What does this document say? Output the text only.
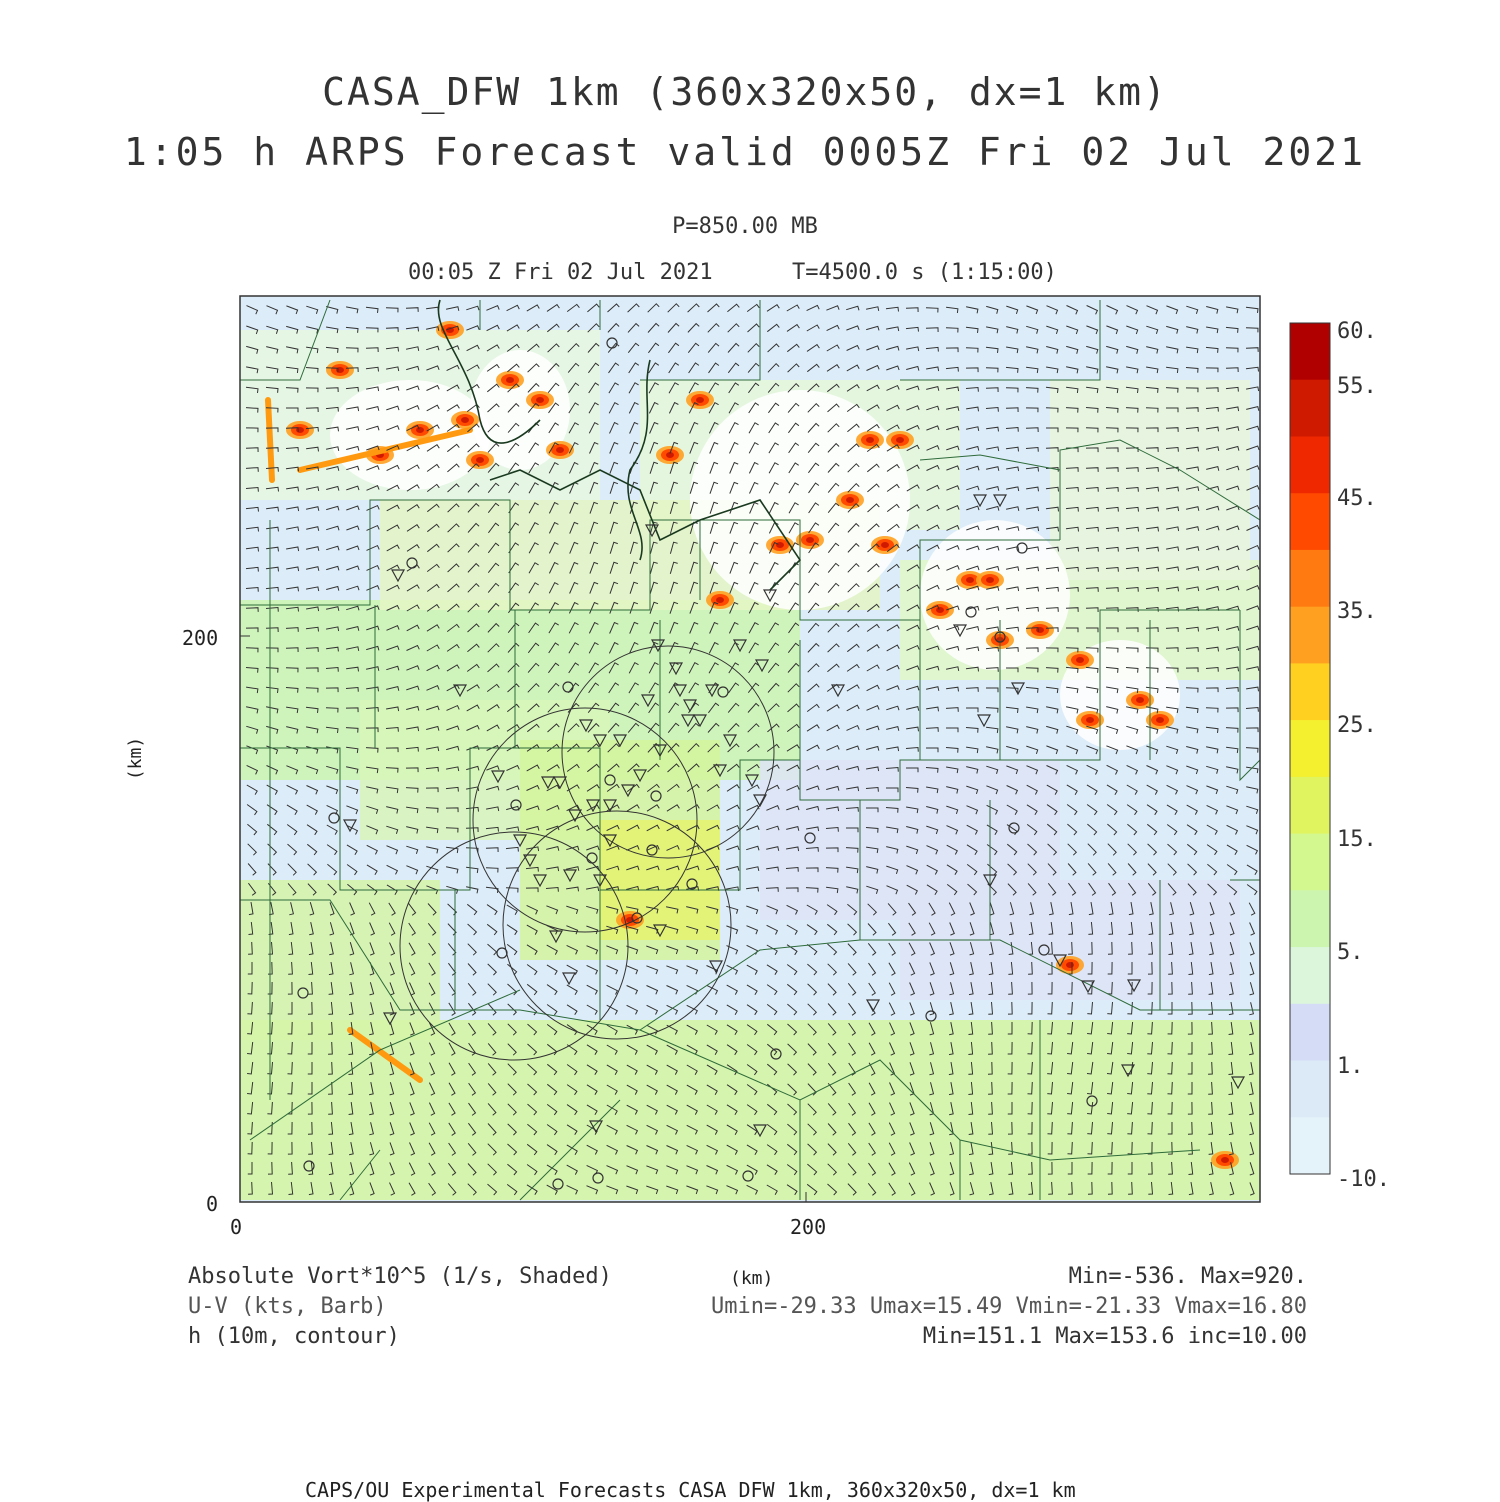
CASA_DFW 1km (360x320x50, dx=1 km)
1:05 h ARPS Forecast valid 0005Z Fri 02 Jul 2021
P=850.00 MB
00:05 Z Fri 02 Jul 2021	T=4500.0 s (1:15:00)
60.
55.
45.
35.
25.
15.
5.
1.
-10.
200
0
0	200
(km)
Absolute Vort*10^5 (1/s, Shaded)
U-V (kts, Barb)
h (10m, contour)
(km)	Min=-536. Max=920.
Umin=-29.33 Umax=15.49 Vmin=-21.33 Vmax=16.80
Min=151.1 Max=153.6 inc=10.00
CAPS/OU Experimental Forecasts CASA DFW 1km, 360x320x50, dx=1 km
